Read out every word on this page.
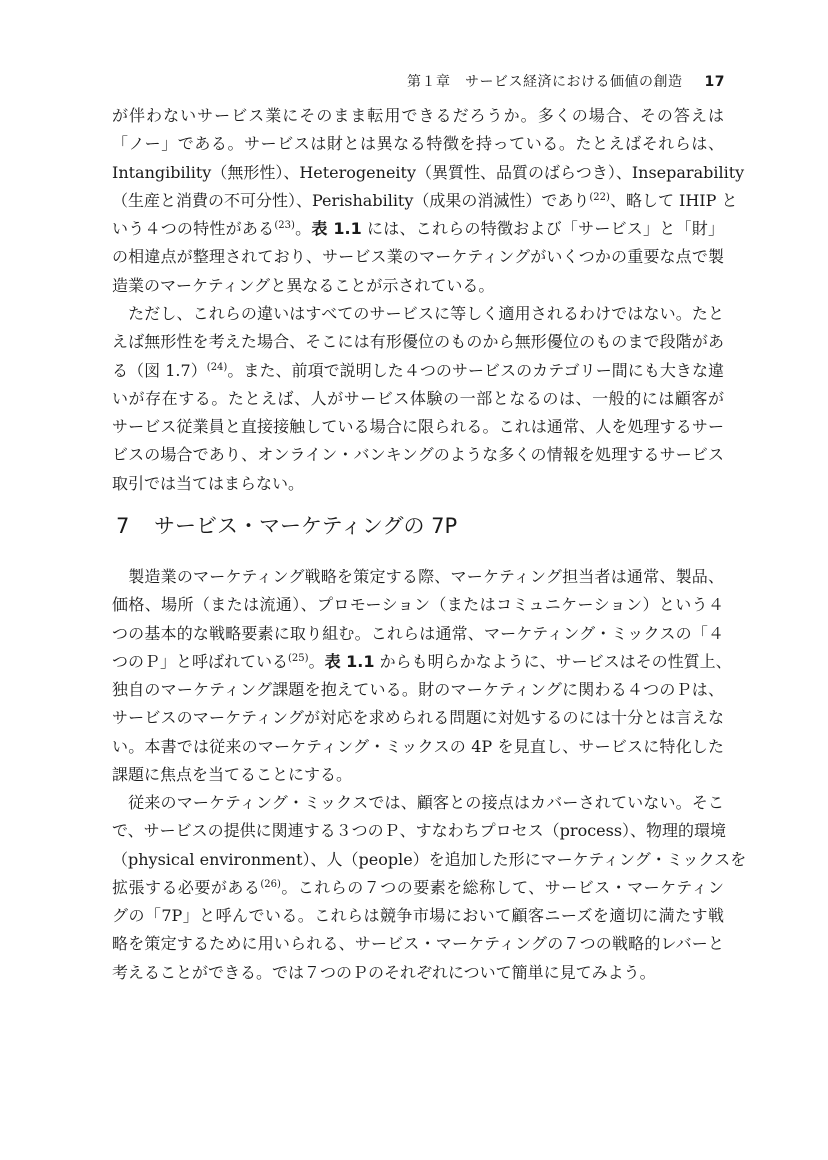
第１章　サービス経済における価値の創造 17
が伴わないサービス業にそのまま転用できるだろうか。多くの場合、その答えは
「ノー」である。サービスは財とは異なる特徴を持っている。たとえばそれらは、
Intangibility（無形性）、Heterogeneity（異質性、品質のばらつき）、Inseparability
（生産と消費の不可分性）、Perishability（成果の消滅性）であり$^{(22)}$、略して IHIP と
いう４つの特性がある$^{(23)}$。表 1.1 には、これらの特徴および「サービス」と「財」
の相違点が整理されており、サービス業のマーケティングがいくつかの重要な点で製
造業のマーケティングと異なることが示されている。
　ただし、これらの違いはすべてのサービスに等しく適用されるわけではない。たと
えば無形性を考えた場合、そこには有形優位のものから無形優位のものまで段階があ
る（図 1.7）$^{(24)}$。また、前項で説明した４つのサービスのカテゴリー間にも大きな違
いが存在する。たとえば、人がサービス体験の一部となるのは、一般的には顧客が
サービス従業員と直接接触している場合に限られる。これは通常、人を処理するサー
ビスの場合であり、オンライン・バンキングのような多くの情報を処理するサービス
取引では当てはまらない。
7 サービス・マーケティングの 7P
　製造業のマーケティング戦略を策定する際、マーケティング担当者は通常、製品、
価格、場所（または流通）、プロモーション（またはコミュニケーション）という４
つの基本的な戦略要素に取り組む。これらは通常、マーケティング・ミックスの「４
つのＰ」と呼ばれている$^{(25)}$。表 1.1 からも明らかなように、サービスはその性質上、
独自のマーケティング課題を抱えている。財のマーケティングに関わる４つのＰは、
サービスのマーケティングが対応を求められる問題に対処するのには十分とは言えな
い。本書では従来のマーケティング・ミックスの 4P を見直し、サービスに特化した
課題に焦点を当てることにする。
　従来のマーケティング・ミックスでは、顧客との接点はカバーされていない。そこ
で、サービスの提供に関連する３つのＰ、すなわちプロセス（process）、物理的環境
（physical environment）、人（people）を追加した形にマーケティング・ミックスを
拡張する必要がある$^{(26)}$。これらの７つの要素を総称して、サービス・マーケティン
グの「7P」と呼んでいる。これらは競争市場において顧客ニーズを適切に満たす戦
略を策定するために用いられる、サービス・マーケティングの７つの戦略的レバーと
考えることができる。では７つのＰのそれぞれについて簡単に見てみよう。
